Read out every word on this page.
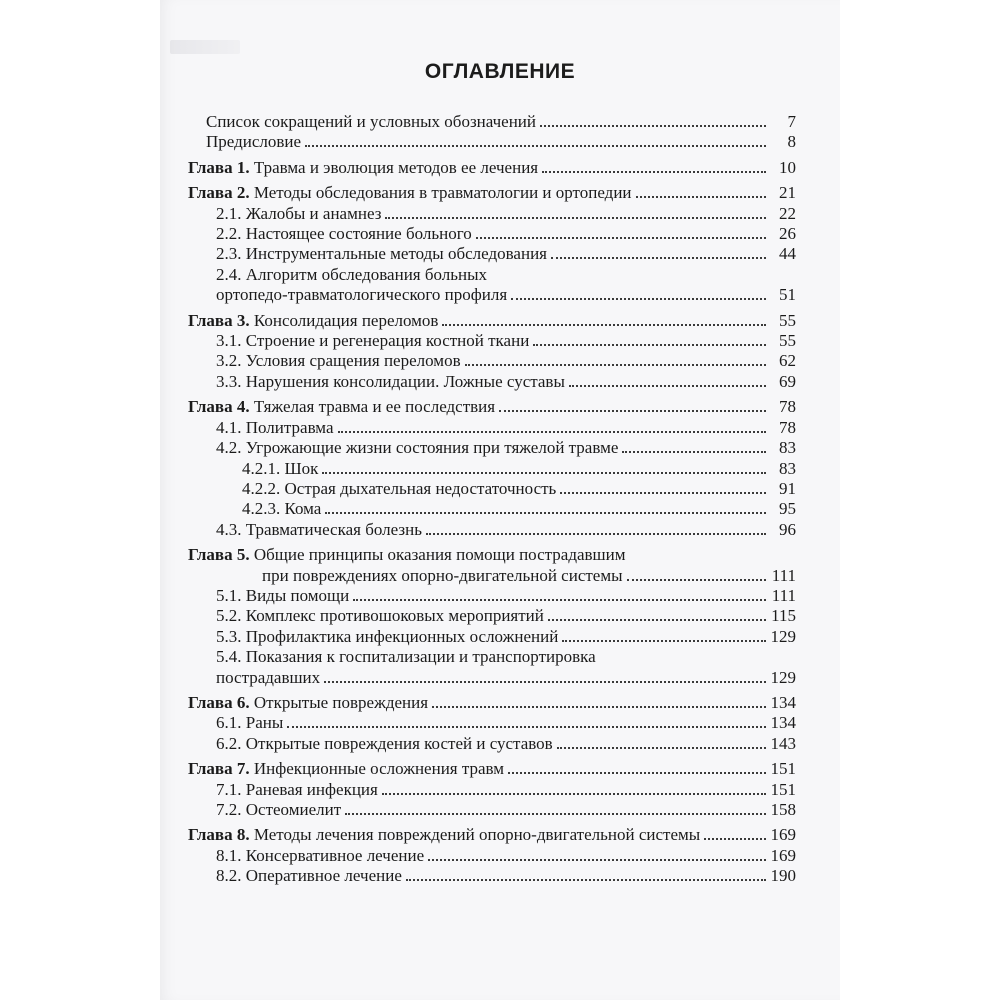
ОГЛАВЛЕНИЕ
Список сокращений и условных обозначений	7
Предисловие	8
Глава 1. Травма и эволюция методов ее лечения	10
Глава 2. Методы обследования в травматологии и ортопедии	21
2.1. Жалобы и анамнез	22
2.2. Настоящее состояние больного	26
2.3. Инструментальные методы обследования	44
2.4. Алгоритм обследования больных
ортопедо-травматологического профиля	51
Глава 3. Консолидация переломов	55
3.1. Строение и регенерация костной ткани	55
3.2. Условия сращения переломов	62
3.3. Нарушения консолидации. Ложные суставы	69
Глава 4. Тяжелая травма и ее последствия	78
4.1. Политравма	78
4.2. Угрожающие жизни состояния при тяжелой травме	83
4.2.1. Шок	83
4.2.2. Острая дыхательная недостаточность	91
4.2.3. Кома	95
4.3. Травматическая болезнь	96
Глава 5. Общие принципы оказания помощи пострадавшим
при повреждениях опорно-двигательной системы	111
5.1. Виды помощи	111
5.2. Комплекс противошоковых мероприятий	115
5.3. Профилактика инфекционных осложнений	129
5.4. Показания к госпитализации и транспортировка
пострадавших	129
Глава 6. Открытые повреждения	134
6.1. Раны	134
6.2. Открытые повреждения костей и суставов	143
Глава 7. Инфекционные осложнения травм	151
7.1. Раневая инфекция	151
7.2. Остеомиелит	158
Глава 8. Методы лечения повреждений опорно-двигательной системы	169
8.1. Консервативное лечение	169
8.2. Оперативное лечение	190
